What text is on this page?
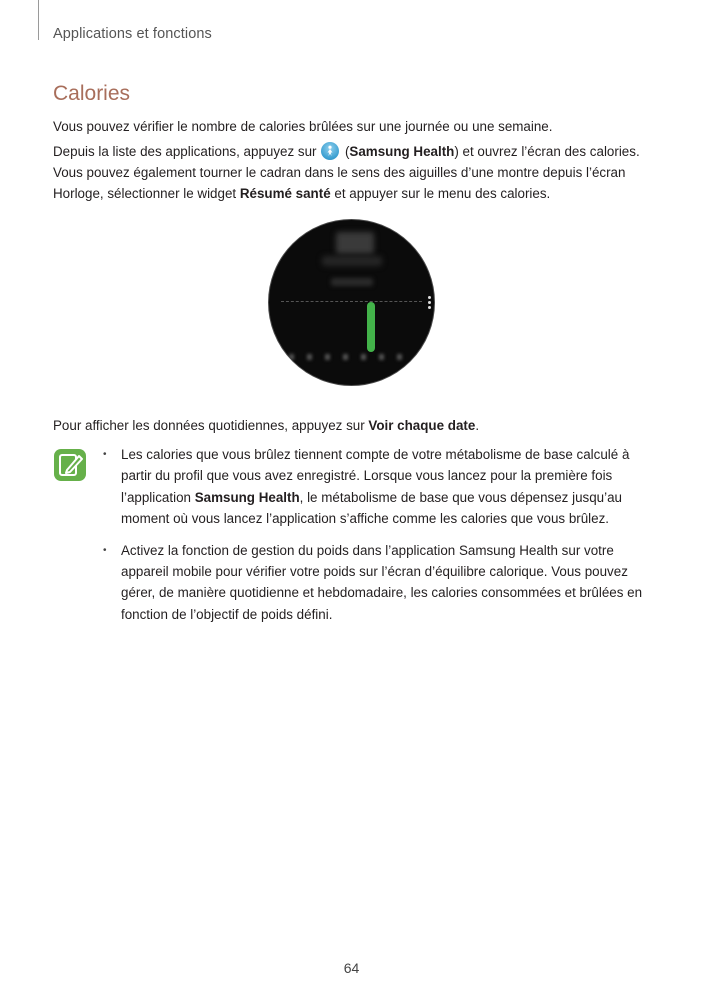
Applications et fonctions
Calories

Vous pouvez vérifier le nombre de calories brûlées sur une journée ou une semaine.

Depuis la liste des applications, appuyez sur
(Samsung Health) et ouvrez l’écran des calories. Vous pouvez également tourner le cadran dans le sens des aiguilles d’une montre depuis l’écran Horloge, sélectionner le widget Résumé santé et appuyer sur le menu des calories.

Pour afficher les données quotidiennes, appuyez sur Voir chaque date.

• Les calories que vous brûlez tiennent compte de votre métabolisme de base calculé à partir du profil que vous avez enregistré. Lorsque vous lancez pour la première fois l’application Samsung Health, le métabolisme de base que vous dépensez jusqu’au moment où vous lancez l’application s’affiche comme les calories que vous brûlez.
• Activez la fonction de gestion du poids dans l’application Samsung Health sur votre appareil mobile pour vérifier votre poids sur l’écran d’équilibre calorique. Vous pouvez gérer, de manière quotidienne et hebdomadaire, les calories consommées et brûlées en fonction de l’objectif de poids défini.
64
